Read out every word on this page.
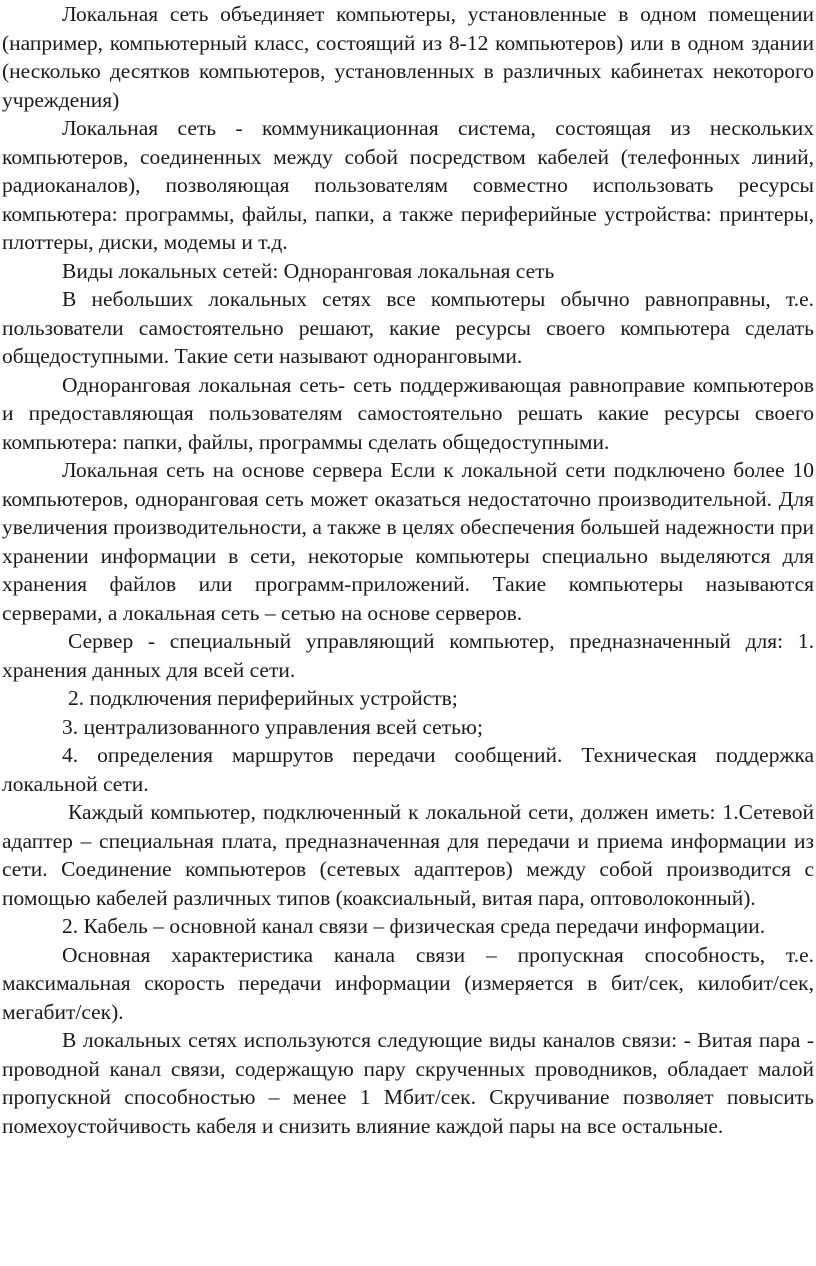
Локальная сеть объединяет компьютеры, установленные в одном помещении (например, компьютерный класс, состоящий из 8-12 компьютеров) или в одном здании (несколько десятков компьютеров, установленных в различных кабинетах некоторого учреждения)

Локальная сеть - коммуникационная система, состоящая из нескольких компьютеров, соединенных между собой посредством кабелей (телефонных линий, радиоканалов), позволяющая пользователям совместно использовать ресурсы компьютера: программы, файлы, папки, а также периферийные устройства: принтеры, плоттеры, диски, модемы и т.д.

Виды локальных сетей: Одноранговая локальная сеть

В небольших локальных сетях все компьютеры обычно равноправны, т.е. пользователи самостоятельно решают, какие ресурсы своего компьютера сделать общедоступными. Такие сети называют одноранговыми.

Одноранговая локальная сеть- сеть поддерживающая равноправие компьютеров и предоставляющая пользователям самостоятельно решать какие ресурсы своего компьютера: папки, файлы, программы сделать общедоступными.

Локальная сеть на основе сервера Если к локальной сети подключено более 10 компьютеров, одноранговая сеть может оказаться недостаточно производительной. Для увеличения производительности, а также в целях обеспечения большей надежности при хранении информации в сети, некоторые компьютеры специально выделяются для хранения файлов или программ-приложений. Такие компьютеры называются серверами, а локальная сеть – сетью на основе серверов.

Сервер - специальный управляющий компьютер, предназначенный для: 1. хранения данных для всей сети.

2. подключения периферийных устройств;

3. централизованного управления всей сетью;

4. определения маршрутов передачи сообщений. Техническая поддержка локальной сети.

Каждый компьютер, подключенный к локальной сети, должен иметь: 1.Сетевой адаптер – специальная плата, предназначенная для передачи и приема информации из сети. Соединение компьютеров (сетевых адаптеров) между собой производится с помощью кабелей различных типов (коаксиальный, витая пара, оптоволоконный).

2. Кабель – основной канал связи – физическая среда передачи информации.

Основная характеристика канала связи – пропускная способность, т.е. максимальная скорость передачи информации (измеряется в бит/сек, килобит/сек, мегабит/сек).

В локальных сетях используются следующие виды каналов связи: - Витая пара - проводной канал связи, содержащую пару скрученных проводников, обладает малой пропускной способностью – менее 1 Мбит/сек. Скручивание позволяет повысить помехоустойчивость кабеля и снизить влияние каждой пары на все остальные.
